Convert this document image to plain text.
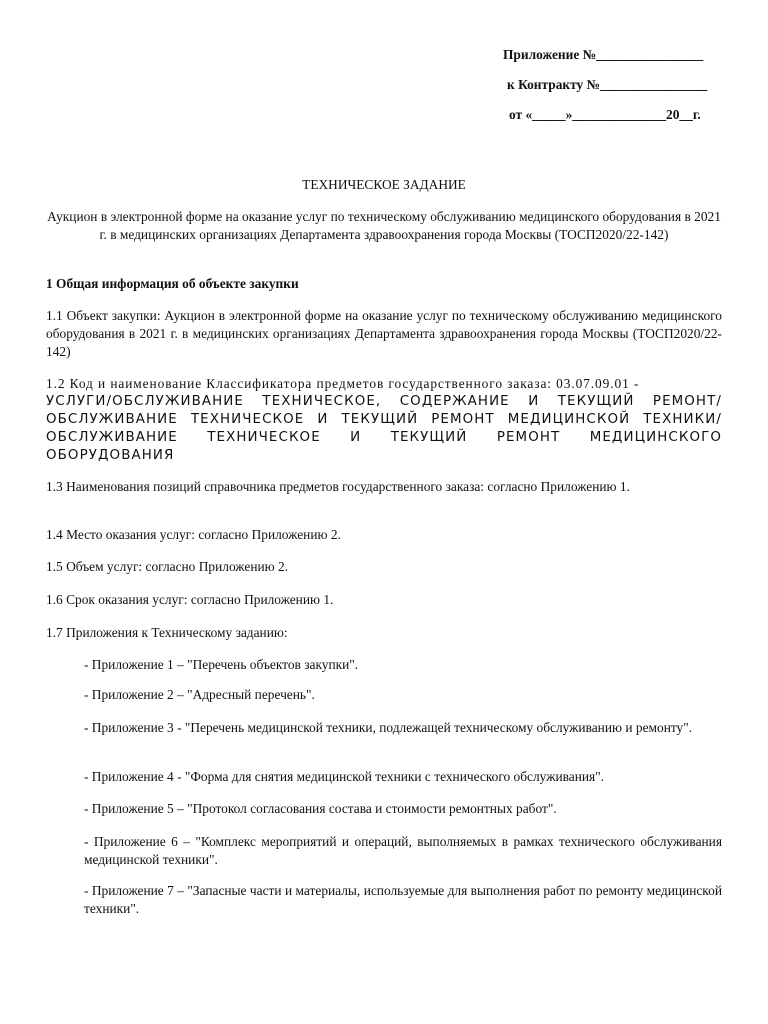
Приложение №________________
к Контракту №________________
от «_____»______________20__г.
ТЕХНИЧЕСКОЕ ЗАДАНИЕ
Аукцион в электронной форме на оказание услуг по техническому обслуживанию медицинского оборудования в 2021 г. в медицинских организациях Департамента здравоохранения города Москвы (ТОСП2020/22-142)
1 Общая информация об объекте закупки
1.1 Объект закупки: Аукцион в электронной форме на оказание услуг по техническому обслуживанию медицинского оборудования в 2021 г. в медицинских организациях Департамента здравоохранения города Москвы (ТОСП2020/22-142)
1.2 Код и наименование Классификатора предметов государственного заказа: 03.07.09.01 -
УСЛУГИ/ОБСЛУЖИВАНИЕ ТЕХНИЧЕСКОЕ, СОДЕРЖАНИЕ И ТЕКУЩИЙ РЕМОНТ/ОБСЛУЖИВАНИЕ ТЕХНИЧЕСКОЕ И ТЕКУЩИЙ РЕМОНТ МЕДИЦИНСКОЙ ТЕХНИКИ/ОБСЛУЖИВАНИЕ ТЕХНИЧЕСКОЕ И ТЕКУЩИЙ РЕМОНТ МЕДИЦИНСКОГО ОБОРУДОВАНИЯ
1.3 Наименования позиций справочника предметов государственного заказа: согласно Приложению 1.
1.4 Место оказания услуг: согласно Приложению 2.
1.5 Объем услуг: согласно Приложению 2.
1.6 Срок оказания услуг: согласно Приложению 1.
1.7 Приложения к Техническому заданию:
- Приложение 1 – "Перечень объектов закупки".
- Приложение 2 – "Адресный перечень".
- Приложение 3 - "Перечень медицинской техники, подлежащей техническому обслуживанию и ремонту".
- Приложение 4 - "Форма для снятия медицинской техники с технического обслуживания".
- Приложение 5 – "Протокол согласования состава и стоимости ремонтных работ".
- Приложение 6 – "Комплекс мероприятий и операций, выполняемых в рамках технического обслуживания медицинской техники".
- Приложение 7 – "Запасные части и материалы, используемые для выполнения работ по ремонту медицинской техники".
